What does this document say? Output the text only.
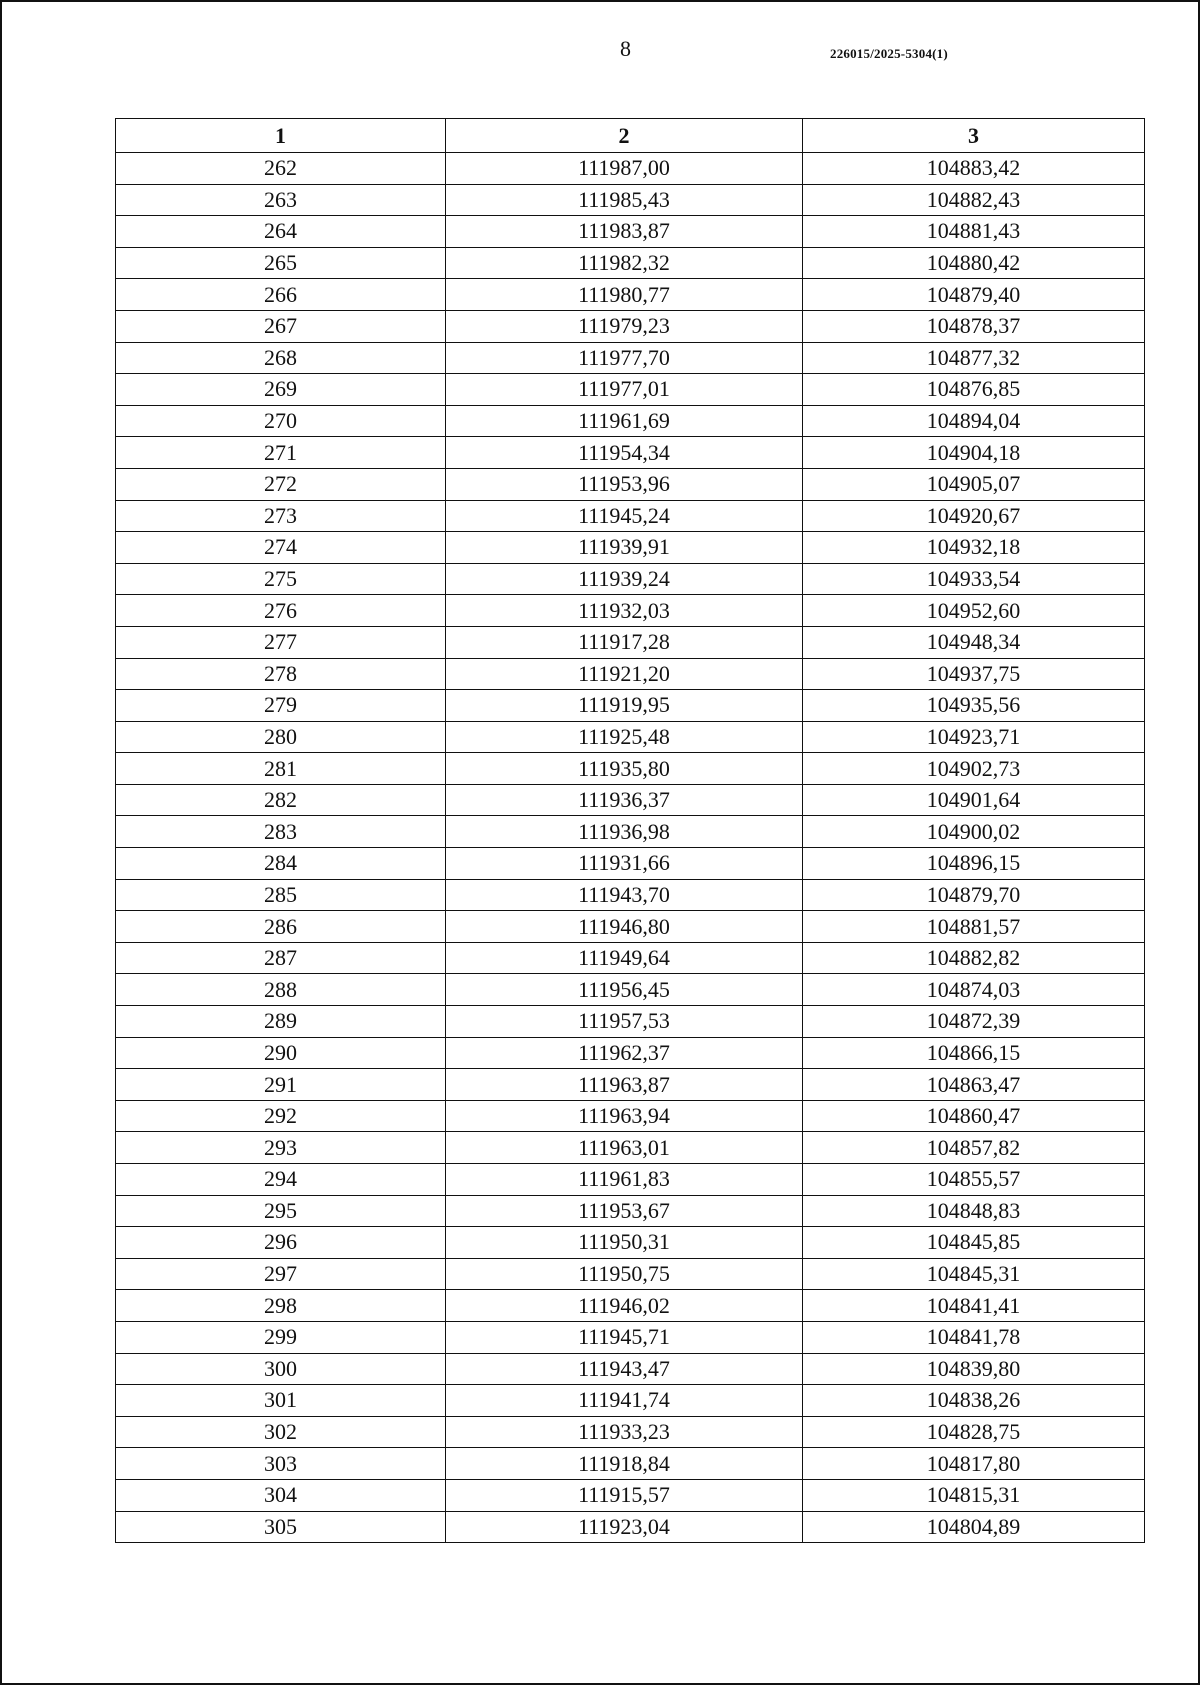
8	226015/2025-5304(1)
1	2	3
262	111987,00	104883,42
263	111985,43	104882,43
264	111983,87	104881,43
265	111982,32	104880,42
266	111980,77	104879,40
267	111979,23	104878,37
268	111977,70	104877,32
269	111977,01	104876,85
270	111961,69	104894,04
271	111954,34	104904,18
272	111953,96	104905,07
273	111945,24	104920,67
274	111939,91	104932,18
275	111939,24	104933,54
276	111932,03	104952,60
277	111917,28	104948,34
278	111921,20	104937,75
279	111919,95	104935,56
280	111925,48	104923,71
281	111935,80	104902,73
282	111936,37	104901,64
283	111936,98	104900,02
284	111931,66	104896,15
285	111943,70	104879,70
286	111946,80	104881,57
287	111949,64	104882,82
288	111956,45	104874,03
289	111957,53	104872,39
290	111962,37	104866,15
291	111963,87	104863,47
292	111963,94	104860,47
293	111963,01	104857,82
294	111961,83	104855,57
295	111953,67	104848,83
296	111950,31	104845,85
297	111950,75	104845,31
298	111946,02	104841,41
299	111945,71	104841,78
300	111943,47	104839,80
301	111941,74	104838,26
302	111933,23	104828,75
303	111918,84	104817,80
304	111915,57	104815,31
305	111923,04	104804,89
